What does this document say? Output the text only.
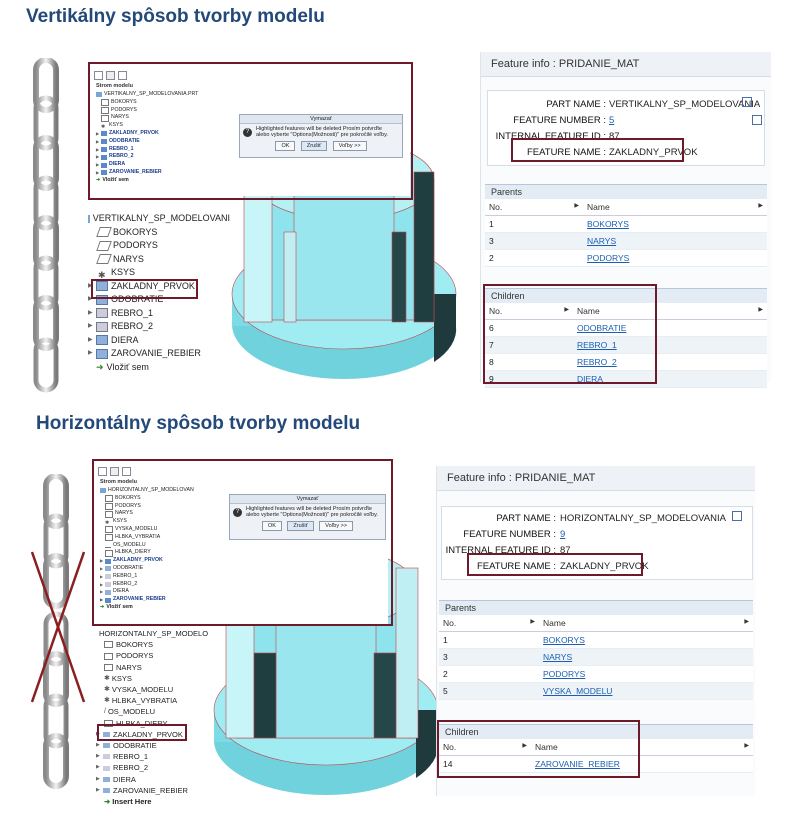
Vertikálny spôsob tvorby modelu
Horizontálny spôsob tvorby modelu
Strom modelu
VERTIKALNY_SP_MODELOVANIA.PRT
BOKORYS
PODORYS
NARYS
✱ KSYS
▶	ZAKLADNY_PRVOK
▶	ODOBRATIE
▶	REBRO_1
▶	REBRO_2
▶	DIERA
▶	ZAROVANIE_REBIER
➜ Vložiť sem
Vymazať
?	Highlighted features will be deleted Prosím potvrďte
alebo vyberte "Options(Možnosti)" pre pokročilé voľby.
OK	Zrušiť	Voľby >>
VERTIKALNY_SP_MODELOVANI
BOKORYS
PODORYS
NARYS
✱ KSYS
▶	ZAKLADNY_PRVOK
▶	ODOBRATIE
▶	REBRO_1
▶	REBRO_2
▶	DIERA
▶	ZAROVANIE_REBIER
➜ Vložiť sem
Feature info : PRIDANIE_MAT
PART NAME : VERTIKALNY_SP_MODELOVANIA
FEATURE NUMBER : 5
INTERNAL FEATURE ID : 87
FEATURE NAME : ZAKLADNY_PRVOK
Parents
No. ▶	Name ▶

1	BOKORYS
3	NARYS
2	PODORYS
Children
No. ▶	Name ▶

6	ODOBRATIE
7	REBRO_1
8	REBRO_2
9	DIERA
Strom modelu
HORIZONTALNY_SP_MODELOVAN
BOKORYS
PODORYS
NARYS
✱ KSYS
VYSKA_MODELU
HLBKA_VYBRATIA
OS_MODELU
HLBKA_DIERY
▶	ZAKLADNY_PRVOK
▶	ODOBRATIE
▶	REBRO_1
▶	REBRO_2
▶	DIERA
▶	ZAROVANIE_REBIER
➜ Vložiť sem
Vymazať
?	Highlighted features will be deleted Prosím potvrďte
alebo vyberte "Options(Možnosti)" pre pokročilé voľby.
OK	Zrušiť	Voľby >>
HORIZONTALNY_SP_MODELO
BOKORYS
PODORYS
NARYS
✱ KSYS
✱ VYSKA_MODELU
✱ HLBKA_VYBRATIA
/ OS_MODELU
HLBKA_DIERY
▶	ZAKLADNY_PRVOK
▶	ODOBRATIE
▶	REBRO_1
▶	REBRO_2
▶	DIERA
▶	ZAROVANIE_REBIER
➜ Insert Here
Feature info : PRIDANIE_MAT
PART NAME : HORIZONTALNY_SP_MODELOVANIA
FEATURE NUMBER : 9
INTERNAL FEATURE ID : 87
FEATURE NAME : ZAKLADNY_PRVOK
Parents
No. ▶	Name ▶

1	BOKORYS
3	NARYS
2	PODORYS
5	VYSKA_MODELU
Children
No. ▶	Name ▶

14	ZAROVANIE_REBIER
